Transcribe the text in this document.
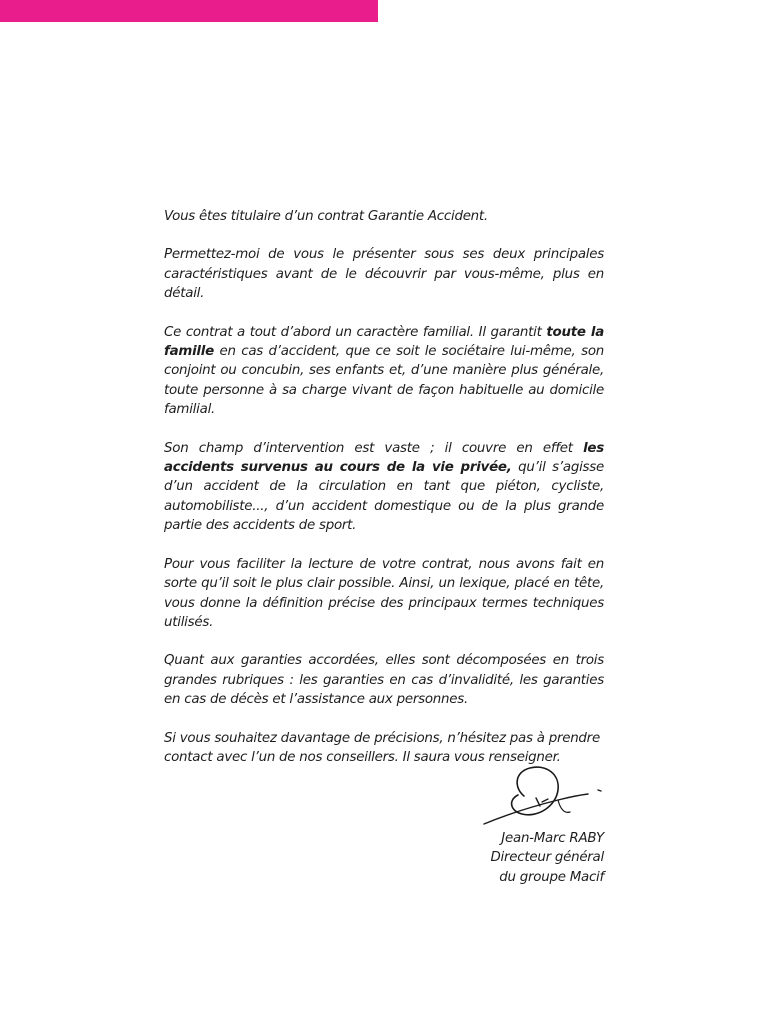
Vous êtes titulaire d’un contrat Garantie Accident.

Permettez-moi de vous le présenter sous ses deux principales caractéristiques avant de le découvrir par vous-même, plus en détail.

Ce contrat a tout d’abord un caractère familial. Il garantit toute la famille en cas d’accident, que ce soit le sociétaire lui-même, son conjoint ou concubin, ses enfants et, d’une manière plus générale, toute personne à sa charge vivant de façon habituelle au domicile familial.

Son champ d’intervention est vaste ; il couvre en effet les accidents survenus au cours de la vie privée, qu’il s’agisse d’un accident de la circulation en tant que piéton, cycliste, automobiliste..., d’un accident domestique ou de la plus grande partie des accidents de sport.

Pour vous faciliter la lecture de votre contrat, nous avons fait en sorte qu’il soit le plus clair possible. Ainsi, un lexique, placé en tête, vous donne la définition précise des principaux termes techniques utilisés.

Quant aux garanties accordées, elles sont décomposées en trois grandes rubriques : les garanties en cas d’invalidité, les garanties en cas de décès et l’assistance aux personnes.

Si vous souhaitez davantage de précisions, n’hésitez pas à prendre contact avec l’un de nos conseillers. Il saura vous renseigner.

Jean-Marc RABY
Directeur général
du groupe Macif
